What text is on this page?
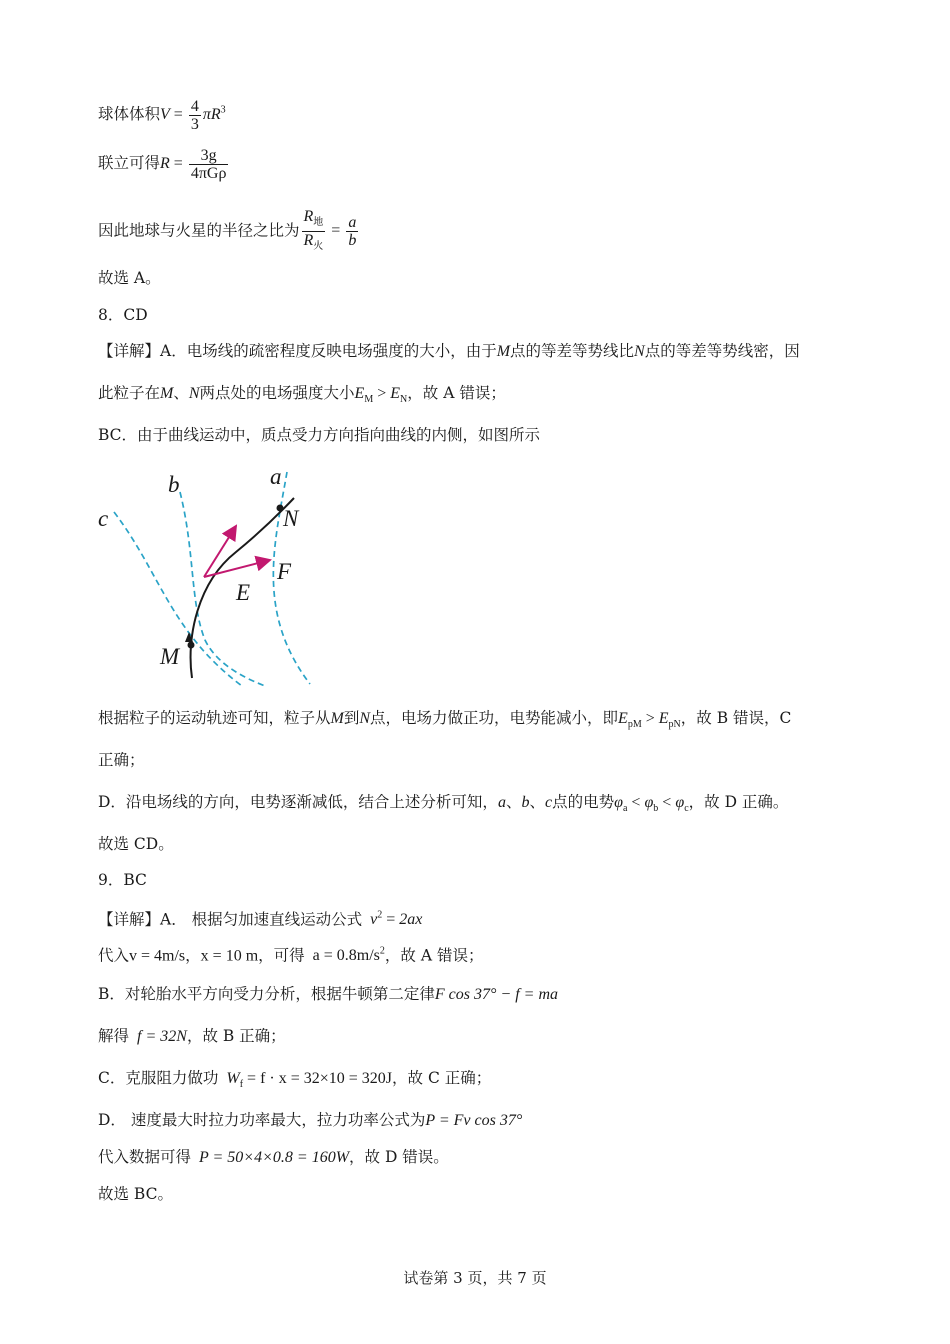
球体体积$V = \frac{4}{3} \pi R^3$
联立可得$R = \frac{3g}{\text{4πGρ}}$
因此地球与火星的半径之比为 $\frac{R_地}{R_火} = \frac{a}{b}$
故选 A。
8．CD
【详解】A．电场线的疏密程度反映电场强度的大小，由于M点的等差等势线比N点的等差等势线密，因
此粒子在M、N两点处的电场强度大小$E_M > E_N$，故 A 错误；
BC．由于曲线运动中，质点受力方向指向曲线的内侧，如图所示
b	a
c	N
F
E
M
根据粒子的运动轨迹可知，粒子从M到N点，电场力做正功，电势能减小，即$E_{pM} > E_{pN}$，故 B 错误，C
正确；
D．沿电场线的方向，电势逐渐减低，结合上述分析可知，a、b、c点的电势$\varphi_a < \varphi_b < \varphi_c$，故 D 正确。
故选 CD。
9．BC
【详解】A． 根据匀加速直线运动公式 $v^2 = 2ax$
代入v = 4m/s，x = 10 m，可得 $a = 0.8m/s^2$，故 A 错误；
B．对轮胎水平方向受力分析，根据牛顿第二定律F cos 37° − f = ma
解得 f = 32N，故 B 正确；
C．克服阻力做功 $W_f = f \cdot x = 32\times 10 = 320J$，故 C 正确；
D． 速度最大时拉力功率最大，拉力功率公式为P = Fv cos 37°
代入数据可得 P = 50×4×0.8 = 160W，故 D 错误。
故选 BC。
试卷第 3 页，共 7 页
